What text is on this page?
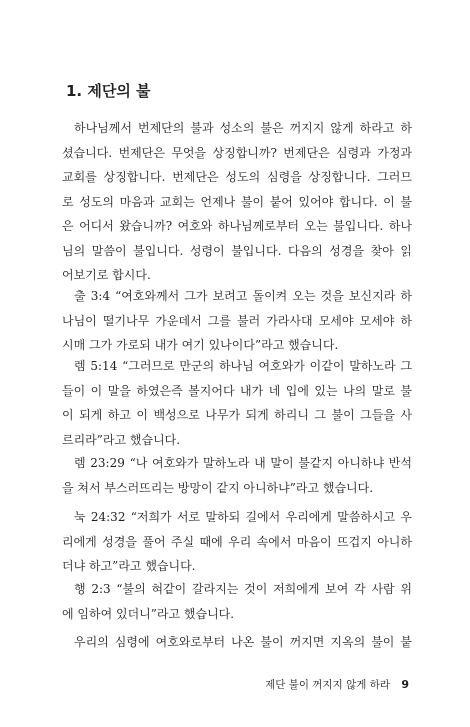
1. 제단의 불
하나님께서 번제단의 불과 성소의 불은 꺼지지 않게 하라고 하
셨습니다. 번제단은 무엇을 상징합니까? 번제단은 심령과 가정과
교회를 상징합니다. 번제단은 성도의 심령을 상징합니다. 그러므
로 성도의 마음과 교회는 언제나 불이 붙어 있어야 합니다. 이 불
은 어디서 왔습니까? 여호와 하나님께로부터 오는 불입니다. 하나
님의 말씀이 불입니다. 성령이 불입니다. 다음의 성경을 찾아 읽
어보기로 합시다.
출 3:4 “여호와께서 그가 보려고 돌이켜 오는 것을 보신지라 하
나님이 떨기나무 가운데서 그를 불러 가라사대 모세야 모세야 하
시매 그가 가로되 내가 여기 있나이다”라고 했습니다.
렘 5:14 “그러므로 만군의 하나님 여호와가 이같이 말하노라 그
들이 이 말을 하였은즉 볼지어다 내가 네 입에 있는 나의 말로 불
이 되게 하고 이 백성으로 나무가 되게 하리니 그 불이 그들을 사
르리라”라고 했습니다.
렘 23:29 “나 여호와가 말하노라 내 말이 불같지 아니하냐 반석
을 쳐서 부스러뜨리는 방망이 같지 아니하냐”라고 했습니다.
눅 24:32 “저희가 서로 말하되 길에서 우리에게 말씀하시고 우
리에게 성경을 풀어 주실 때에 우리 속에서 마음이 뜨겁지 아니하
더냐 하고”라고 했습니다.
행 2:3 “불의 혀같이 갈라지는 것이 저희에게 보여 각 사람 위
에 임하여 있더니”라고 했습니다.
우리의 심령에 여호와로부터 나온 불이 꺼지면 지옥의 불이 붙
제단 불이 꺼지지 않게 하라 9
